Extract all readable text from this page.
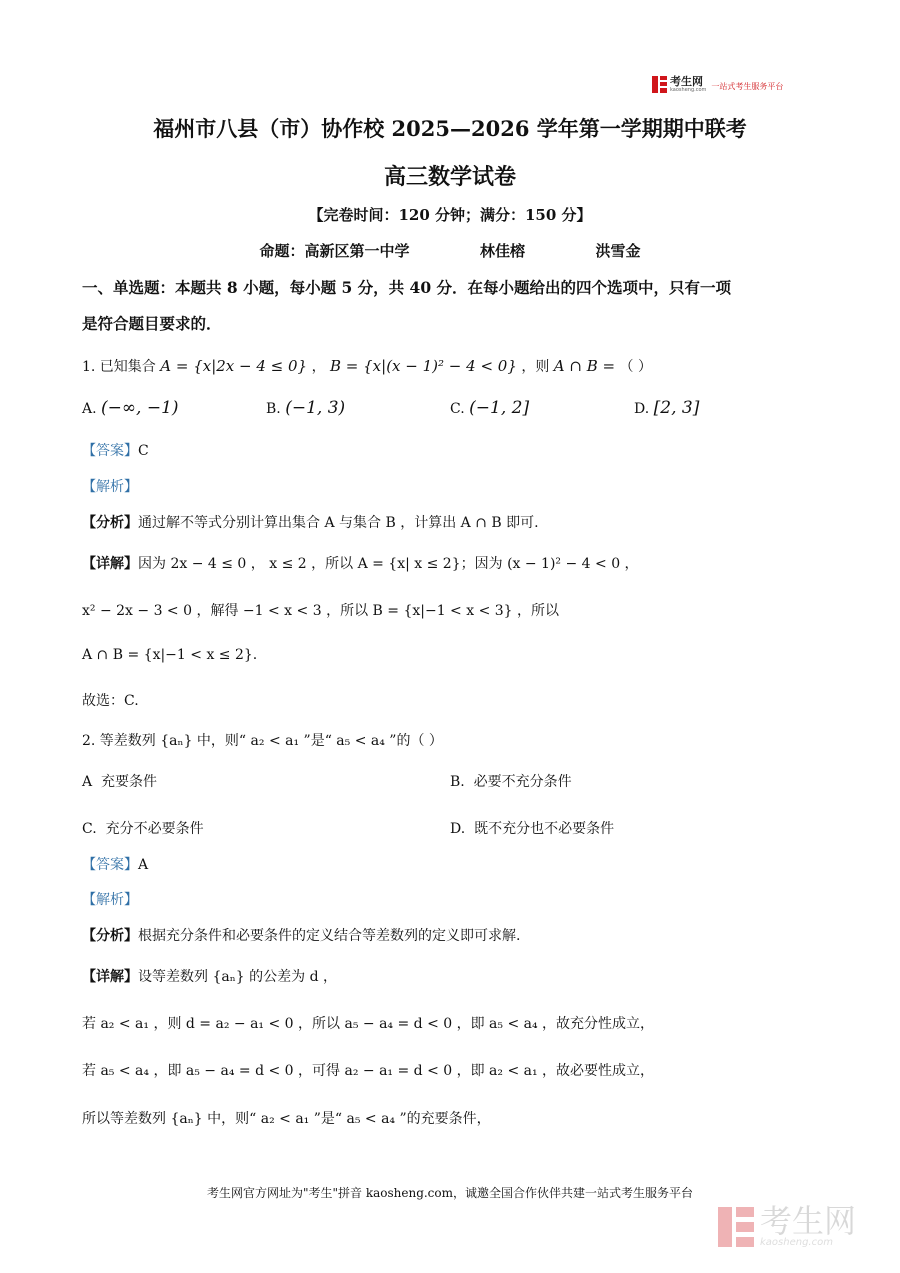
考生网
kaosheng.com 一站式考生服务平台
福州市八县（市）协作校 2025—2026 学年第一学期期中联考
高三数学试卷
【完卷时间：120 分钟；满分：150 分】
命题：高新区第一中学	林佳榕	洪雪金
一、单选题：本题共 8 小题，每小题 5 分，共 40 分．在每小题给出的四个选项中，只有一项
是符合题目要求的．
1. 已知集合 A = {x|2x − 4 ≤ 0} ， B = {x|(x − 1)² − 4 < 0} ，则 A ∩ B = （ ）
A. (−∞, −1)	B. (−1, 3)	C. (−1, 2]	D. [2, 3]
【答案】C
【解析】
【分析】通过解不等式分别计算出集合 A 与集合 B ，计算出 A ∩ B 即可.
【详解】因为 2x − 4 ≤ 0 ， x ≤ 2 ，所以 A = {x| x ≤ 2}；因为 (x − 1)² − 4 < 0 ，
x² − 2x − 3 < 0 ，解得 −1 < x < 3 ，所以 B = {x|−1 < x < 3} ，所以
A ∩ B = {x|−1 < x ≤ 2}.
故选：C.
2. 等差数列 {aₙ} 中，则“ a₂ < a₁ ”是“ a₅ < a₄ ”的（ ）
A 充要条件	B. 必要不充分条件
C. 充分不必要条件	D. 既不充分也不必要条件
【答案】A
【解析】
【分析】根据充分条件和必要条件的定义结合等差数列的定义即可求解.
【详解】设等差数列 {aₙ} 的公差为 d ，
若 a₂ < a₁ ，则 d = a₂ − a₁ < 0 ，所以 a₅ − a₄ = d < 0 ，即 a₅ < a₄ ，故充分性成立，
若 a₅ < a₄ ，即 a₅ − a₄ = d < 0 ，可得 a₂ − a₁ = d < 0 ，即 a₂ < a₁ ，故必要性成立，
所以等差数列 {aₙ} 中，则“ a₂ < a₁ ”是“ a₅ < a₄ ”的充要条件，
考生网官方网址为"考生"拼音 kaosheng.com，诚邀全国合作伙伴共建一站式考生服务平台
考生网
kaosheng.com
